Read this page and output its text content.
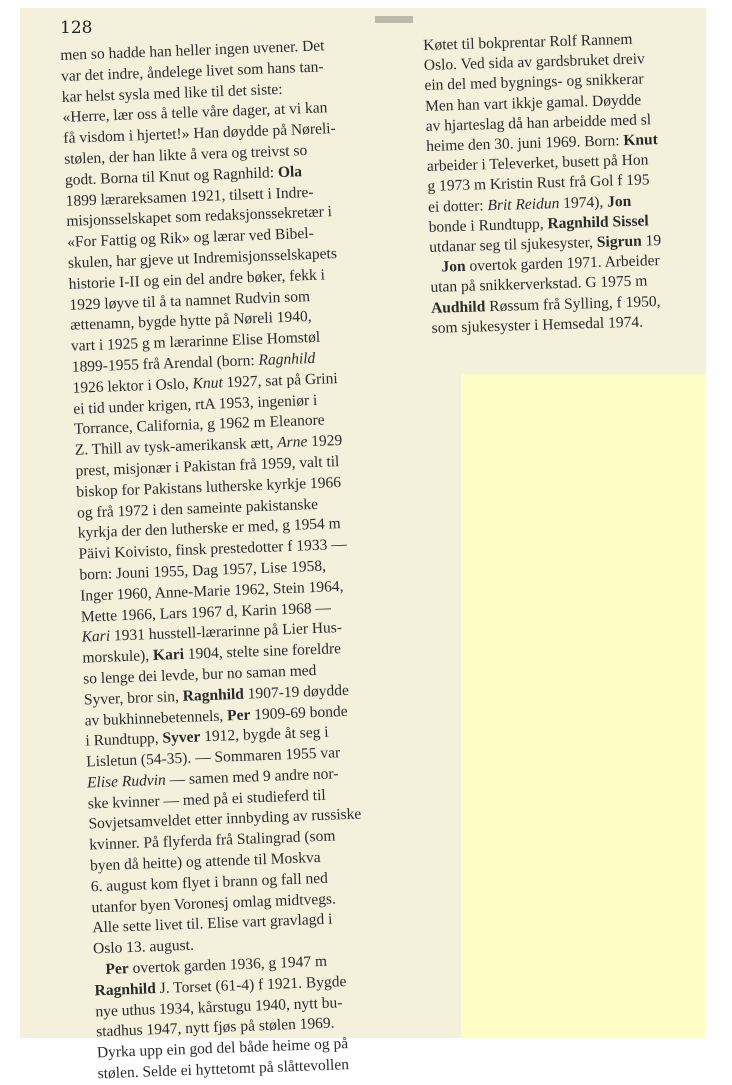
128

men so hadde han heller ingen uvener. Det
var det indre, åndelege livet som hans tan-
kar helst sysla med like til det siste:
«Herre, lær oss å telle våre dager, at vi kan
få visdom i hjertet!» Han døydde på Nøreli-
stølen, der han likte å vera og treivst so
godt. Borna til Knut og Ragnhild: Ola
1899 lærareksamen 1921, tilsett i Indre-
misjonsselskapet som redaksjonssekretær i
«For Fattig og Rik» og lærar ved Bibel-
skulen, har gjeve ut Indremisjonsselskapets
historie I-II og ein del andre bøker, fekk i
1929 løyve til å ta namnet Rudvin som
ættenamn, bygde hytte på Nøreli 1940,
vart i 1925 g m lærarinne Elise Homstøl
1899-1955 frå Arendal (born: Ragnhild
1926 lektor i Oslo, Knut 1927, sat på Grini
ei tid under krigen, rtA 1953, ingeniør i
Torrance, California, g 1962 m Eleanore
Z. Thill av tysk-amerikansk ætt, Arne 1929
prest, misjonær i Pakistan frå 1959, valt til
biskop for Pakistans lutherske kyrkje 1966
og frå 1972 i den sameinte pakistanske
kyrkja der den lutherske er med, g 1954 m
Päivi Koivisto, finsk prestedotter f 1933 —
born: Jouni 1955, Dag 1957, Lise 1958,
Inger 1960, Anne-Marie 1962, Stein 1964,
Mette 1966, Lars 1967 d, Karin 1968 —
Kari 1931 husstell-lærarinne på Lier Hus-
morskule), Kari 1904, stelte sine foreldre
so lenge dei levde, bur no saman med
Syver, bror sin, Ragnhild 1907-19 døydde
av bukhinnebetennels, Per 1909-69 bonde
i Rundtupp, Syver 1912, bygde åt seg i
Lisletun (54-35). — Sommaren 1955 var
Elise Rudvin — samen med 9 andre nor-
ske kvinner — med på ei studieferd til
Sovjetsamveldet etter innbyding av russiske
kvinner. På flyferda frå Stalingrad (som
byen då heitte) og attende til Moskva
6. august kom flyet i brann og fall ned
utanfor byen Voronesj omlag midtvegs.
Alle sette livet til. Elise vart gravlagd i
Oslo 13. august.
Per overtok garden 1936, g 1947 m
Ragnhild J. Torset (61-4) f 1921. Bygde
nye uthus 1934, kårstugu 1940, nytt bu-
stadhus 1947, nytt fjøs på stølen 1969.
Dyrka upp ein god del både heime og på
stølen. Selde ei hyttetomt på slåttevollen
Køtet til bokprentar Rolf Rannem
Oslo. Ved sida av gardsbruket dreiv
ein del med bygnings- og snikkerar
Men han vart ikkje gamal. Døydde
av hjarteslag då han arbeidde med sl
heime den 30. juni 1969. Born: Knut
arbeider i Televerket, busett på Hon
g 1973 m Kristin Rust frå Gol f 195
ei dotter: Brit Reidun 1974), Jon
bonde i Rundtupp, Ragnhild Sissel
utdanar seg til sjukesyster, Sigrun 19
Jon overtok garden 1971. Arbeider
utan på snikkerverkstad. G 1975 m
Audhild Røssum frå Sylling, f 1950,
som sjukesyster i Hemsedal 1974.
